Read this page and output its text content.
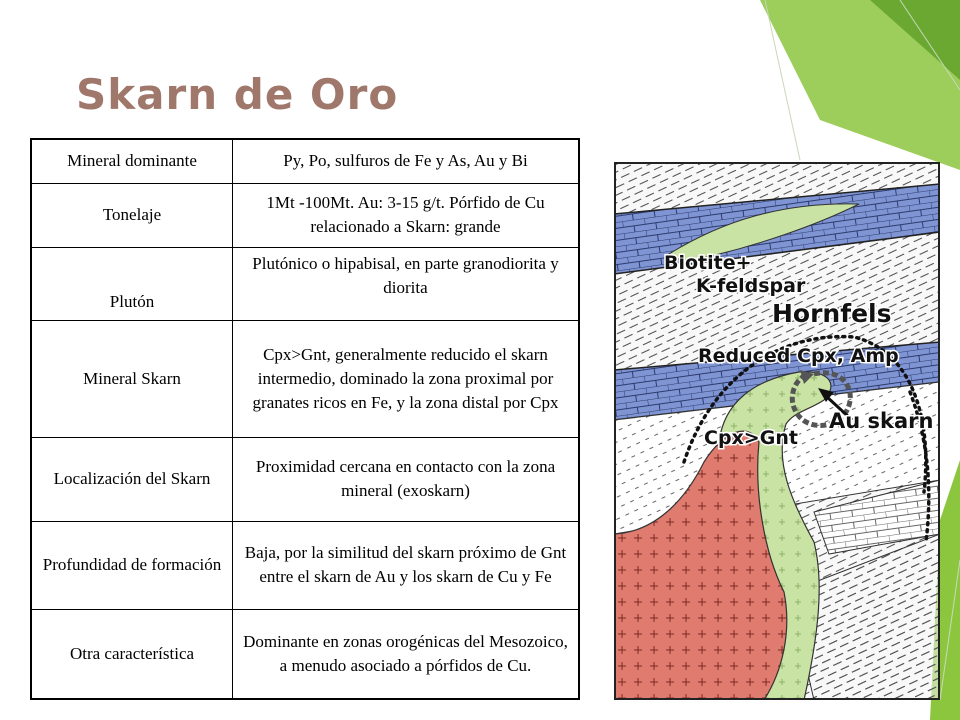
Skarn de Oro
Mineral dominante	Py, Po, sulfuros de Fe y As, Au y Bi
Tonelaje	1Mt -100Mt. Au: 3-15 g/t. Pórfido de Cu relacionado a Skarn: grande
Plutón	Plutónico o hipabisal, en parte granodiorita y diorita
Mineral Skarn	Cpx>Gnt, generalmente reducido el skarn intermedio, dominado la zona proximal por granates ricos en Fe, y la zona distal por Cpx
Localización del Skarn	Proximidad cercana en contacto con la zona mineral (exoskarn)
Profundidad de formación	Baja, por la similitud del skarn próximo de Gnt entre el skarn de Au y los skarn de Cu y Fe
Otra característica	Dominante en zonas orogénicas del Mesozoico, a menudo asociado a pórfidos de Cu.
Biotite+
K-feldspar
Hornfels
Reduced Cpx, Amp
Au skarn
Cpx>Gnt
